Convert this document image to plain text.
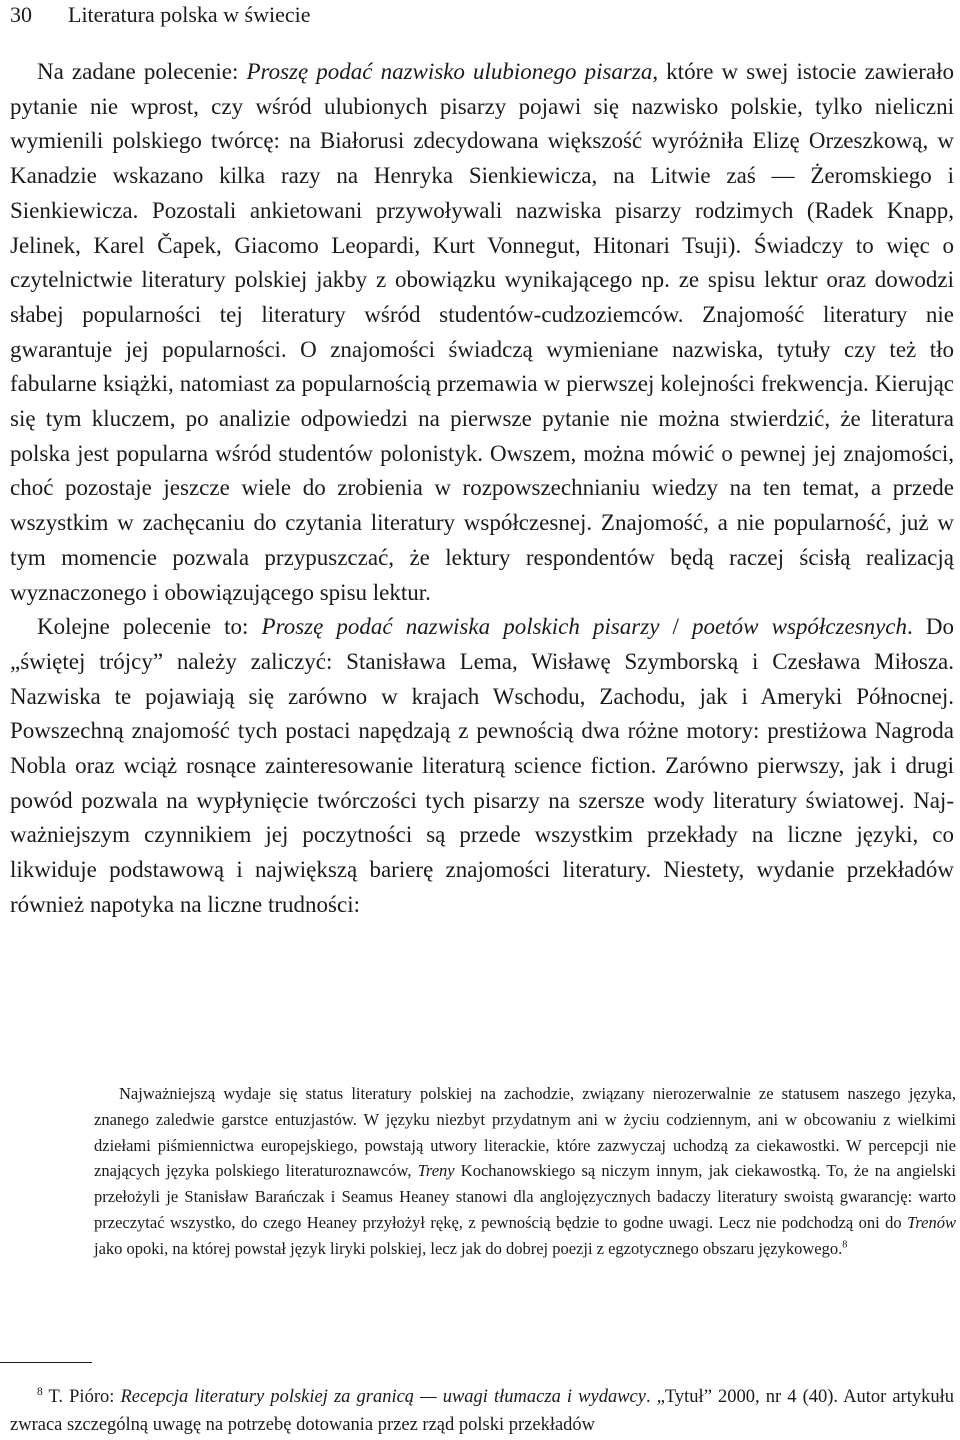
30 Literatura polska w świecie

Na zadane polecenie: Proszę podać nazwisko ulubionego pisarza, które w swej istocie zawierało pytanie nie wprost, czy wśród ulubionych pisarzy pojawi się nazwisko polskie, tylko nieliczni wymienili polskiego twórcę: na Białorusi zdecydowana większość wyróżniła Elizę Orzeszkową, w Kanadzie wskazano kilka razy na Henryka Sienkiewicza, na Litwie zaś — Żeromskiego i Sienkiewicza. Pozostali ankietowani przywoływali nazwiska pisarzy rodzimych (Radek Knapp, Jelinek, Karel Čapek, Giacomo Leopardi, Kurt Vonnegut, Hitonari Tsuji). Świadczy to więc o czytelnictwie literatury polskiej jakby z obowiązku wynikającego np. ze spisu lektur oraz dowodzi słabej popularności tej literatury wśród studentów-cudzoziemców. Znajomość literatury nie gwarantuje jej popularności. O znajomości świadczą wymieniane nazwiska, tytuły czy też tło fabularne książki, natomiast za popularnością przemawia w pierwszej kolejności frekwencja. Kierując się tym kluczem, po analizie odpowiedzi na pierwsze pytanie nie można stwierdzić, że literatura polska jest popularna wśród studentów polonistyk. Owszem, można mówić o pewnej jej znajomości, choć pozostaje jeszcze wiele do zrobienia w rozpowszechnianiu wiedzy na ten temat, a przede wszystkim w zachęcaniu do czytania literatury współczesnej. Znajomość, a nie popularność, już w tym momencie pozwala przypuszczać, że lektury respondentów będą raczej ścisłą realizacją wyznaczonego i obowiązującego spisu lektur.

Kolejne polecenie to: Proszę podać nazwiska polskich pisarzy / poetów współczesnych. Do „świętej trójcy” należy zaliczyć: Stanisława Lema, Wisławę Szymborską i Czesława Miłosza. Nazwiska te pojawiają się zarówno w krajach Wschodu, Zachodu, jak i Ameryki Północnej. Powszechną znajomość tych postaci napędzają z pewnością dwa różne motory: prestiżowa Nagroda Nobla oraz wciąż rosnące zainteresowanie literaturą science fiction. Zarówno pierwszy, jak i drugi powód pozwala na wypłynięcie twórczości tych pisarzy na szersze wody literatury światowej. Najważniejszym czynnikiem jej poczytności są przede wszystkim przekłady na liczne języki, co likwiduje podstawową i największą barierę znajomości literatury. Niestety, wydanie przekładów również napotyka na liczne trudności:

Najważniejszą wydaje się status literatury polskiej na zachodzie, związany nierozerwalnie ze statusem naszego języka, znanego zaledwie garstce entuzjastów. W języku niezbyt przydatnym ani w życiu codziennym, ani w obcowaniu z wielkimi dziełami piśmiennictwa europejskiego, powstają utwory literackie, które zazwyczaj uchodzą za ciekawostki. W percepcji nie znających języka polskiego literaturoznawców, Treny Kochanowskiego są niczym innym, jak ciekawostką. To, że na angielski przełożyli je Stanisław Barańczak i Seamus Heaney stanowi dla anglojęzycznych badaczy literatury swoistą gwarancję: warto przeczytać wszystko, do czego Heaney przyłożył rękę, z pewnością będzie to godne uwagi. Lecz nie podchodzą oni do Trenów jako opoki, na której powstał język liryki polskiej, lecz jak do dobrej poezji z egzotycznego obszaru językowego.$^8$

$^8$ T. Pióro: Recepcja literatury polskiej za granicą — uwagi tłumacza i wydawcy. „Tytuł” 2000, nr 4 (40). Autor artykułu zwraca szczególną uwagę na potrzebę dotowania przez rząd polski przekładów
